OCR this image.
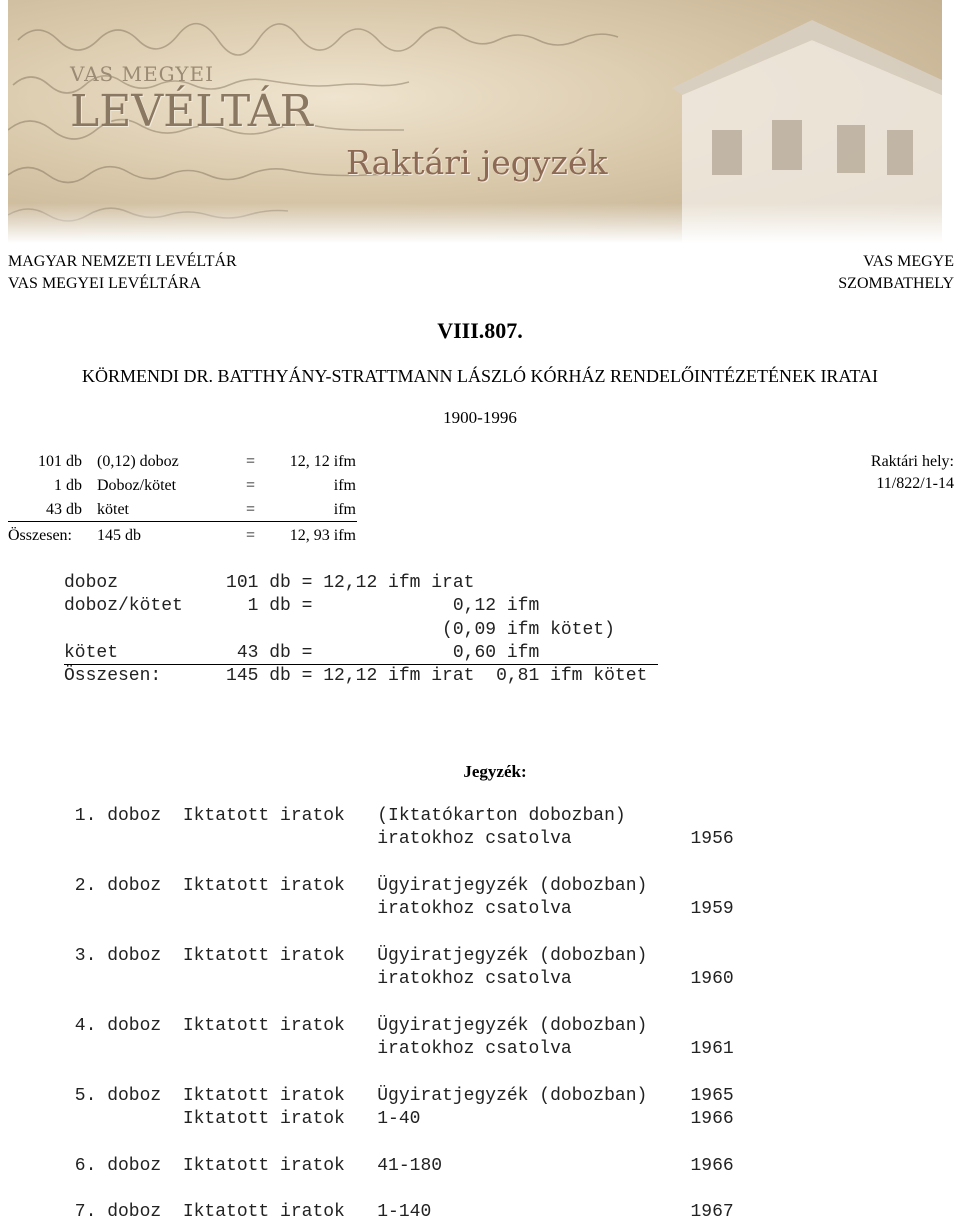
VAS MEGYEI
LEVÉLTÁR
Raktári jegyzék
MAGYAR NEMZETI LEVÉLTÁR
VAS MEGYEI LEVÉLTÁRA
VAS MEGYE
SZOMBATHELY
VIII.807.
KÖRMENDI DR. BATTHYÁNY-STRATTMANN LÁSZLÓ KÓRHÁZ RENDELŐINTÉZETÉNEK IRATAI
1900-1996
101 db (0,12) doboz	=	12, 12 ifm
1 db Doboz/kötet	=	ifm
43 db kötet	=	ifm
Összesen: 145 db	=	12, 93 ifm
Raktári hely:
11/822/1-14
doboz          101 db = 12,12 ifm irat
doboz/kötet      1 db =             0,12 ifm
(0,09 ifm kötet)
kötet           43 db =             0,60 ifm
Összesen:      145 db = 12,12 ifm irat  0,81 ifm kötet
Jegyzék:
1. doboz  Iktatott iratok   (Iktatókarton dobozban)
iratokhoz csatolva           1956
2. doboz  Iktatott iratok   Ügyiratjegyzék (dobozban)
iratokhoz csatolva           1959
3. doboz  Iktatott iratok   Ügyiratjegyzék (dobozban)
iratokhoz csatolva           1960
4. doboz  Iktatott iratok   Ügyiratjegyzék (dobozban)
iratokhoz csatolva           1961
5. doboz  Iktatott iratok   Ügyiratjegyzék (dobozban)    1965
Iktatott iratok   1-40                         1966
6. doboz  Iktatott iratok   41-180                       1966
7. doboz  Iktatott iratok   1-140                        1967
